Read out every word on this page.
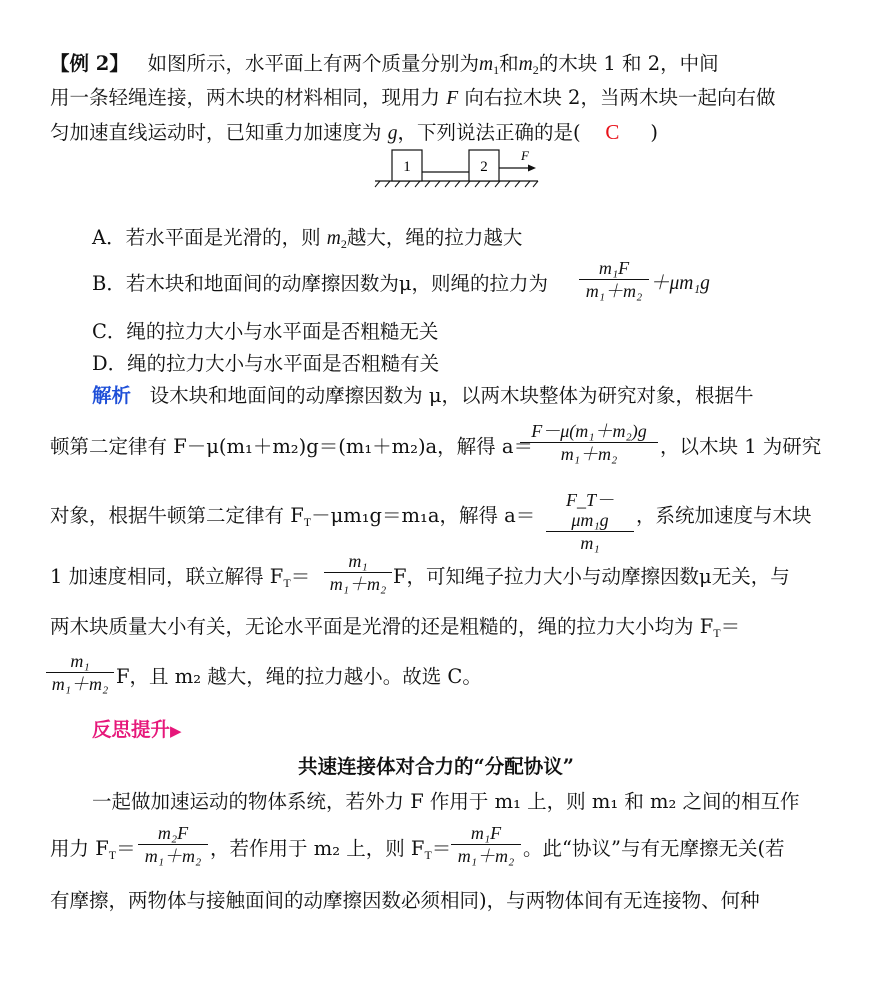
【例 2】 如图所示，水平面上有两个质量分别为$m_1$和$m_2$的木块 1 和 2，中间
用一条轻绳连接，两木块的材料相同，现用力 F 向右拉木块 2，当两木块一起向右做
匀加速直线运动时，已知重力加速度为 g，下列说法正确的是( C )
1	2
F
A．若水平面是光滑的，则 $m_2$越大，绳的拉力越大
B．若木块和地面间的动摩擦因数为μ，则绳的拉力为
m₁F
m₁＋m₂ ＋μm₁g
C．绳的拉力大小与水平面是否粗糙无关
D．绳的拉力大小与水平面是否粗糙有关
解析 设木块和地面间的动摩擦因数为 μ，以两木块整体为研究对象，根据牛
顿第二定律有 F－μ(m₁＋m₂)g＝(m₁＋m₂)a，解得 a＝
F－μ(m₁＋m₂)g
m₁＋m₂	，以木块 1 为研究
对象，根据牛顿第二定律有 $F_T-\mu m_1g=m_1a$，解得 a＝
F_T－μm₁g
m₁
，系统加速度与木块
1 加速度相同，联立解得 $F_T=$
m₁
m₁＋m₂ F，可知绳子拉力大小与动摩擦因数μ无关，与
两木块质量大小有关，无论水平面是光滑的还是粗糙的，绳的拉力大小均为 $F_T=$
m₁
m₁＋m₂ F，且 m₂ 越大，绳的拉力越小。故选 C。
反思提升▶
共速连接体对合力的“分配协议”
一起做加速运动的物体系统，若外力 F 作用于 m₁ 上，则 m₁ 和 m₂ 之间的相互作
用力 $F_T=$
m₂F
m₁＋m₂ ，若作用于 m₂ 上，则 $F_T=$
m₁F
m₁＋m₂ 。此“协议”与有无摩擦无关(若
有摩擦，两物体与接触面间的动摩擦因数必须相同)，与两物体间有无连接物、何种
